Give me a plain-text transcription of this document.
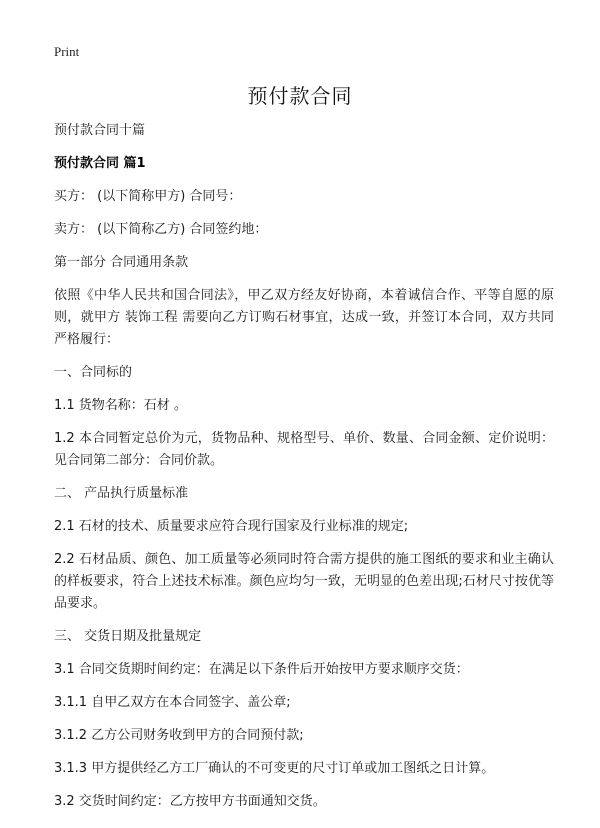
Print
预付款合同

预付款合同十篇

预付款合同 篇1

买方： (以下简称甲方) 合同号：

卖方： (以下简称乙方) 合同签约地：

第一部分 合同通用条款

依照《中华人民共和国合同法》，甲乙双方经友好协商，本着诚信合作、平等自愿的原则，就甲方 装饰工程 需要向乙方订购石材事宜，达成一致，并签订本合同，双方共同严格履行：

一、合同标的

1.1 货物名称：石材 。

1.2 本合同暂定总价为元，货物品种、规格型号、单价、数量、合同金额、定价说明：见合同第二部分：合同价款。

二、 产品执行质量标准

2.1 石材的技术、质量要求应符合现行国家及行业标准的规定;

2.2 石材品质、颜色、加工质量等必须同时符合需方提供的施工图纸的要求和业主确认的样板要求，符合上述技术标准。颜色应均匀一致，无明显的色差出现;石材尺寸按优等品要求。

三、 交货日期及批量规定

3.1 合同交货期时间约定：在满足以下条件后开始按甲方要求顺序交货：

3.1.1 自甲乙双方在本合同签字、盖公章;

3.1.2 乙方公司财务收到甲方的合同预付款;

3.1.3 甲方提供经乙方工厂确认的不可变更的尺寸订单或加工图纸之日计算。

3.2 交货时间约定：乙方按甲方书面通知交货。
